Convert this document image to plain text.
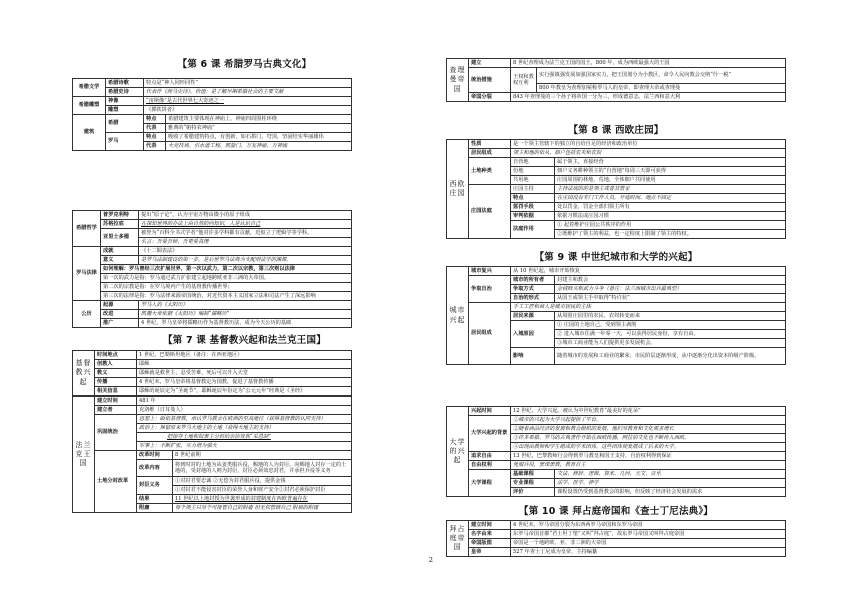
【第 6 课 希腊罗马古典文化】
希腊文学	希腊诗歌	特点是“神人同形同性”	
	希腊史诗	代表作《荷马史诗》，价值：是了解早期希腊社会的主要文献	
希腊雕塑	神像	“宙斯像”是古代世界七大奇迹之一	
	雕塑	《掷铁饼者》	
建筑	希腊	特点	希腊建筑主要体现在神庙上，神庙四周围柱环绕
		代表	雅典的“帕特农神庙”
	罗马	特点	吸收了希腊建筑特点，有创新，如石拱门、穹顶，坚固结实华丽雄伟
		代表	大竞技场、引水道工程、凯旋门、万友神庙、万神庙
希腊哲学	普罗克利特	提出“原子论”，认为宇宙万物由微小的原子组成
	苏格拉底	在探知世界的办法上由自然的向知识，人是认识自己
	亚里士多德	被誉为“百科全书式学者”他对许多学科都有贡献，近似立了逻辑学等学科。
		名言：吾爱吾师，吾更爱真理
罗马法律	成就	《十二铜表法》
	意义	是罗马法制建设的第一步，是后世罗马法典为支配刑法学的渊源。
	如何理解：罗马曾经三次扩展世界，第一次以武力，第二次以宗教，第三次则以法律	
	第一次的武力是指：罗马通过武力扩张建立起地跨欧亚非三洲的大帝国。	
	第二次的宗教是指：在罗马境内产生的基督教传播世界；	
	第三次的法律是指：罗马法律来源帝国统治，对近代资本主义国家立法和司法产生了深远影响	
公历	起源	罗马人的《太阳历》
	改进	凯撒大帝依据《太阳历》编制“儒略历”
	推广	4 世纪，罗马皇帝将儒略历作为基督教历法，成为今天公历的基础
【第 7 课 基督教兴起和法兰克王国】
基督教兴起	时间地点	1 世纪，巴勒斯坦地区（备注：在西亚地区）
	创教人	耶稣
	教义	耶稣就是救世主，忍受苦难，死后可以升入天堂
	传播	4 世纪末，罗马皇帝将基督教定为国教，促进了基督教传播
	相关信息	耶稣的诞辰定为“圣诞节”，耶稣诞辰年份定为“公元元年”经典是《圣经》
法兰克王国	建立时间	481 年	
	建立者	克洛维（日耳曼人）	
	巩固统治	思想上：皈依基督教，承认罗马教会在欧洲的至高地位（获得基督教的认同支持）	
		政治上：保留原来罗马大地主的土地（获得大地主的支持）	
		把掠夺土地和奴隶主分封给亲信贵族“采邑制”	
		军事上：不断扩张，实力增为强大	
	土地分封改革	改革时间	8 世纪前期
		改革内容	将到时封的土地为从姜类服兵役，赐地的人为封臣，向赐地人封存一定的土地的，受封地的人则为封臣，封臣必须效忠封君，并承担兵役等义务
		封臣义务	①对封君要忠诚 ②无偿为封君服兵役，提供金钱
			①对封君不能侵害封臣的荣誉人身和财产安全②封君必须保护封臣
		结果	11 世纪以上地封授为世袭形成的封建制度在西欧普遍存在
		附庸	每个领主只对个可接管自己的附庸 但无权管辖自己 附属的附庸
查理曼帝国	建立	8 世纪查理成为法兰克王国的国王，800 年，成为西欧最强大的王国	
	统治措施	王权和教权互利	实行强镇强发展加强国家实力，把王国划分为小教区，命令人民向教会交纳“什一税”
			800 年教皇为查理加冕称罗马人的皇帝，即查理大帝或查理曼
	帝国分裂	843 年查理曼的三个孙子将帝国一分为三，形成德意志、法兰西和意大利	
【第 8 课 西欧庄园】
西欧庄园	性质	是一个领主管辖下的独立的自给自足的经济和政治单位	
	居民组成	领主和他的依从，佃户包括农夫和农奴	
	土地种类	自营地	属于领主，直接经营
		份地	佃户义务耕种领主的“自营地”每周三天即可获得
		共用地	庄园周围的林地、荒地，全体佃户共同使用
	庄园法庭	庄园主持	主持法庭的的是领主或者其管家
		特点	在庄园没有专门工作人员，开庭时间、地点不固定
		惩罚手段	处以罚金，罚金全部归领主所有
		审判依据	依据习惯法或庄园习惯
		法庭作用	① 起着维护庄园公共秩序的作用
			②既维护了领主的利益，也一定程度上限制了领主的特权。
【第 9 课 中世纪城市和大学的兴起】
城市兴起	城市复兴	从 10 世纪起，城市开始恢复	
	争取自治	城市的所有者	封建主和教会
		争取方式	金钱赎买和武力斗争（备注：法兰西城市出兵最典型）
		自治的形式	从国王或领主手中取得“特许状”
	居民组成	手工工匠和商人是城市居民的主体	
		居民来源	从周围庄园里的农民、农奴转变而来
		入城原因	① 庄园的土地自己，受到领主剥削
			② 进入城市住满一年零一天，可以获得居民身份，享有自由。
			③城市工商业能为人们提供更多发展机会。
		影响	随着城市的发展和工商业的繁荣，市民阶层逐渐形成，从中逐渐分化出资本阶级产阶级。
大学的兴起	兴起时间	12 世纪，大学兴起。被认为中世纪教育“最美好的花朵”	
	大学兴起的背景	①城市的兴起为大学兴起提供了平台。	
		②随着商品经济的发展和教会组织的发展，他们对教育和文化需求增长	
		③许多希腊、罗马的古典著作开始在西欧传播，阿拉伯文化也不断传入西欧。	
		④出现由教师和学生组成的学术团体，这些团体使发展成了后来的大学。	
	追求自由	13 世纪，巴黎教师行会得到罗马教皇和国王支持，自治权利得到保证	
	自由权利	免服兵役，罢课罢教，教育自主	
	大学课程	基础课程	文法、修辞、逻辑、算术、几何、天文、音乐
		专业课程	法学、医学、神学
		评价	课程设置仍受到基督教会的影响，但反映了经济社会发展的需求
【第 10 课 拜占庭帝国和《查士丁尼法典》】
拜占庭帝国	建立时间	4 世纪末，罗马帝国分裂为东西两罗马帝国和东罗马帝国
	名字由来	东罗马帝国首都“君士坦丁堡”又叫“拜占庭”，故东罗马帝国又叫拜占庭帝国
	帝国版图	帝国是一个地跨欧、亚、非三洲的大帝国
	皇帝	527 年查士丁尼成为皇帝，主持编纂
2
